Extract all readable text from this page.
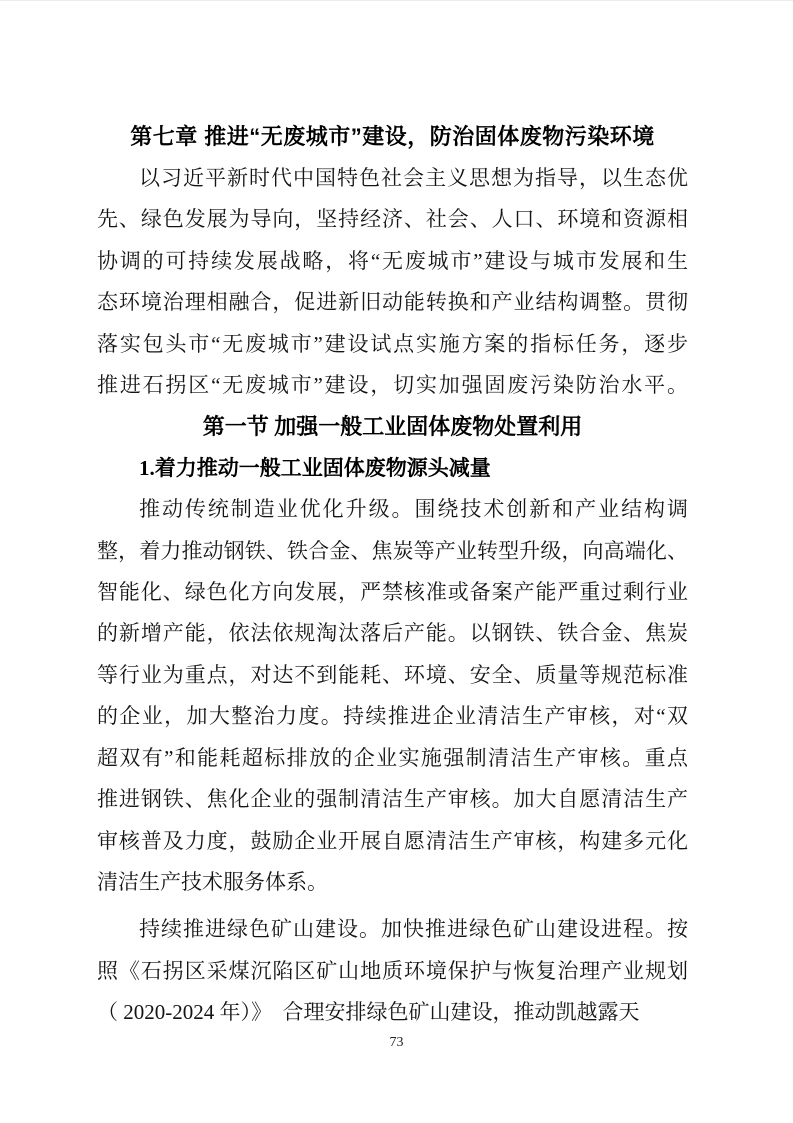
第七章 推进“无废城市”建设，防治固体废物污染环境
以习近平新时代中国特色社会主义思想为指导，以生态优
先、绿色发展为导向，坚持经济、社会、人口、环境和资源相
协调的可持续发展战略，将“无废城市”建设与城市发展和生
态环境治理相融合，促进新旧动能转换和产业结构调整。贯彻
落实包头市“无废城市”建设试点实施方案的指标任务，逐步
推进石拐区“无废城市”建设，切实加强固废污染防治水平。
第一节 加强一般工业固体废物处置利用
1.着力推动一般工业固体废物源头减量
推动传统制造业优化升级。围绕技术创新和产业结构调
整，着力推动钢铁、铁合金、焦炭等产业转型升级，向高端化、
智能化、绿色化方向发展，严禁核准或备案产能严重过剩行业
的新增产能，依法依规淘汰落后产能。以钢铁、铁合金、焦炭
等行业为重点，对达不到能耗、环境、安全、质量等规范标准
的企业，加大整治力度。持续推进企业清洁生产审核，对“双
超双有”和能耗超标排放的企业实施强制清洁生产审核。重点
推进钢铁、焦化企业的强制清洁生产审核。加大自愿清洁生产
审核普及力度，鼓励企业开展自愿清洁生产审核，构建多元化
清洁生产技术服务体系。
持续推进绿色矿山建设。加快推进绿色矿山建设进程。按
照《石拐区采煤沉陷区矿山地质环境保护与恢复治理产业规划
（ 2020-2024 年）》　合理安排绿色矿山建设，推动凯越露天
73
